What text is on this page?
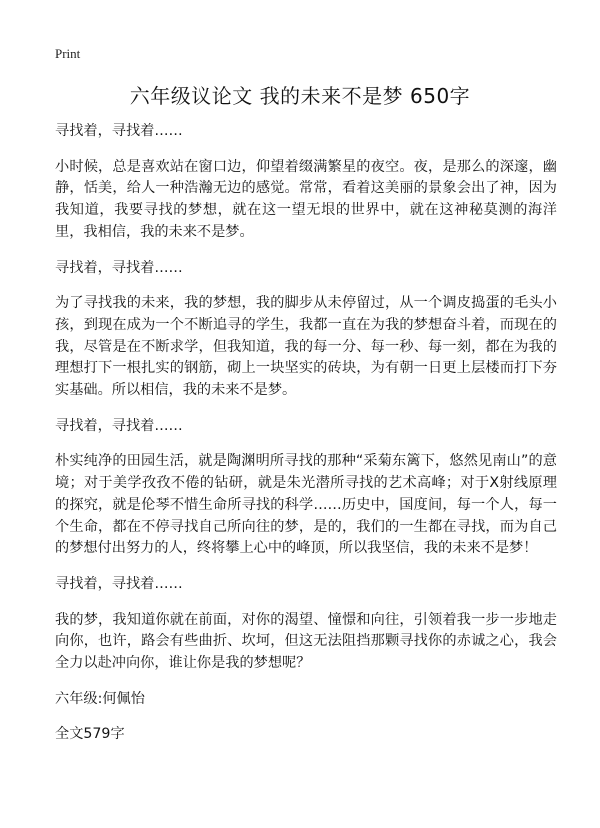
Print
六年级议论文 我的未来不是梦 650字

寻找着，寻找着……

小时候，总是喜欢站在窗口边，仰望着缀满繁星的夜空。夜，是那么的深邃，幽静，恬美，给人一种浩瀚无边的感觉。常常，看着这美丽的景象会出了神，因为我知道，我要寻找的梦想，就在这一望无垠的世界中，就在这神秘莫测的海洋里，我相信，我的未来不是梦。

寻找着，寻找着……

为了寻找我的未来，我的梦想，我的脚步从未停留过，从一个调皮捣蛋的毛头小孩，到现在成为一个不断追寻的学生，我都一直在为我的梦想奋斗着，而现在的我，尽管是在不断求学，但我知道，我的每一分、每一秒、每一刻，都在为我的理想打下一根扎实的钢筋，砌上一块坚实的砖块，为有朝一日更上层楼而打下夯实基础。所以相信，我的未来不是梦。

寻找着，寻找着……

朴实纯净的田园生活，就是陶渊明所寻找的那种“采菊东篱下，悠然见南山”的意境；对于美学孜孜不倦的钻研，就是朱光潜所寻找的艺术高峰；对于X射线原理的探究，就是伦琴不惜生命所寻找的科学……历史中，国度间，每一个人，每一个生命，都在不停寻找自己所向往的梦，是的，我们的一生都在寻找，而为自己的梦想付出努力的人，终将攀上心中的峰顶，所以我坚信，我的未来不是梦！

寻找着，寻找着……

我的梦，我知道你就在前面，对你的渴望、憧憬和向往，引领着我一步一步地走向你，也许，路会有些曲折、坎坷，但这无法阻挡那颗寻找你的赤诚之心，我会全力以赴冲向你，谁让你是我的梦想呢？

六年级:何佩怡

全文579字
